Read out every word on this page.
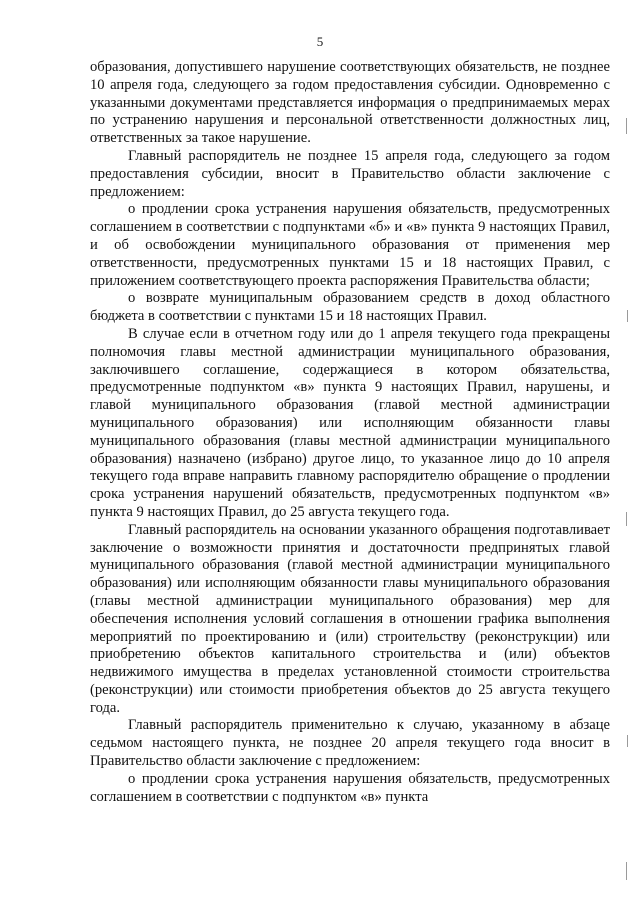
5

образования, допустившего нарушение соответствующих обязательств, не позднее 10 апреля года, следующего за годом предоставления субсидии. Одновременно с указанными документами представляется информация о предпринимаемых мерах по устранению нарушения и персональной ответственности должностных лиц, ответственных за такое нарушение.

Главный распорядитель не позднее 15 апреля года, следующего за годом предоставления субсидии, вносит в Правительство области заключение с предложением:

о продлении срока устранения нарушения обязательств, предусмотренных соглашением в соответствии с подпунктами «б» и «в» пункта 9 настоящих Правил, и об освобождении муниципального образования от применения мер ответственности, предусмотренных пунктами 15 и 18 настоящих Правил, с приложением соответствующего проекта распоряжения Правительства области;

о возврате муниципальным образованием средств в доход областного бюджета в соответствии с пунктами 15 и 18 настоящих Правил.

В случае если в отчетном году или до 1 апреля текущего года прекращены полномочия главы местной администрации муниципального образования, заключившего соглашение, содержащиеся в котором обязательства, предусмотренные подпунктом «в» пункта 9 настоящих Правил, нарушены, и главой муниципального образования (главой местной администрации муниципального образования) или исполняющим обязанности главы муниципального образования (главы местной администрации муниципального образования) назначено (избрано) другое лицо, то указанное лицо до 10 апреля текущего года вправе направить главному распорядителю обращение о продлении срока устранения нарушений обязательств, предусмотренных подпунктом «в» пункта 9 настоящих Правил, до 25 августа текущего года.

Главный распорядитель на основании указанного обращения подготавливает заключение о возможности принятия и достаточности предпринятых главой муниципального образования (главой местной администрации муниципального образования) или исполняющим обязанности главы муниципального образования (главы местной администрации муниципального образования) мер для обеспечения исполнения условий соглашения в отношении графика выполнения мероприятий по проектированию и (или) строительству (реконструкции) или приобретению объектов капитального строительства и (или) объектов недвижимого имущества в пределах установленной стоимости строительства (реконструкции) или стоимости приобретения объектов до 25 августа текущего года.

Главный распорядитель применительно к случаю, указанному в абзаце седьмом настоящего пункта, не позднее 20 апреля текущего года вносит в Правительство области заключение с предложением:

о продлении срока устранения нарушения обязательств, предусмотренных соглашением в соответствии с подпунктом «в» пункта
